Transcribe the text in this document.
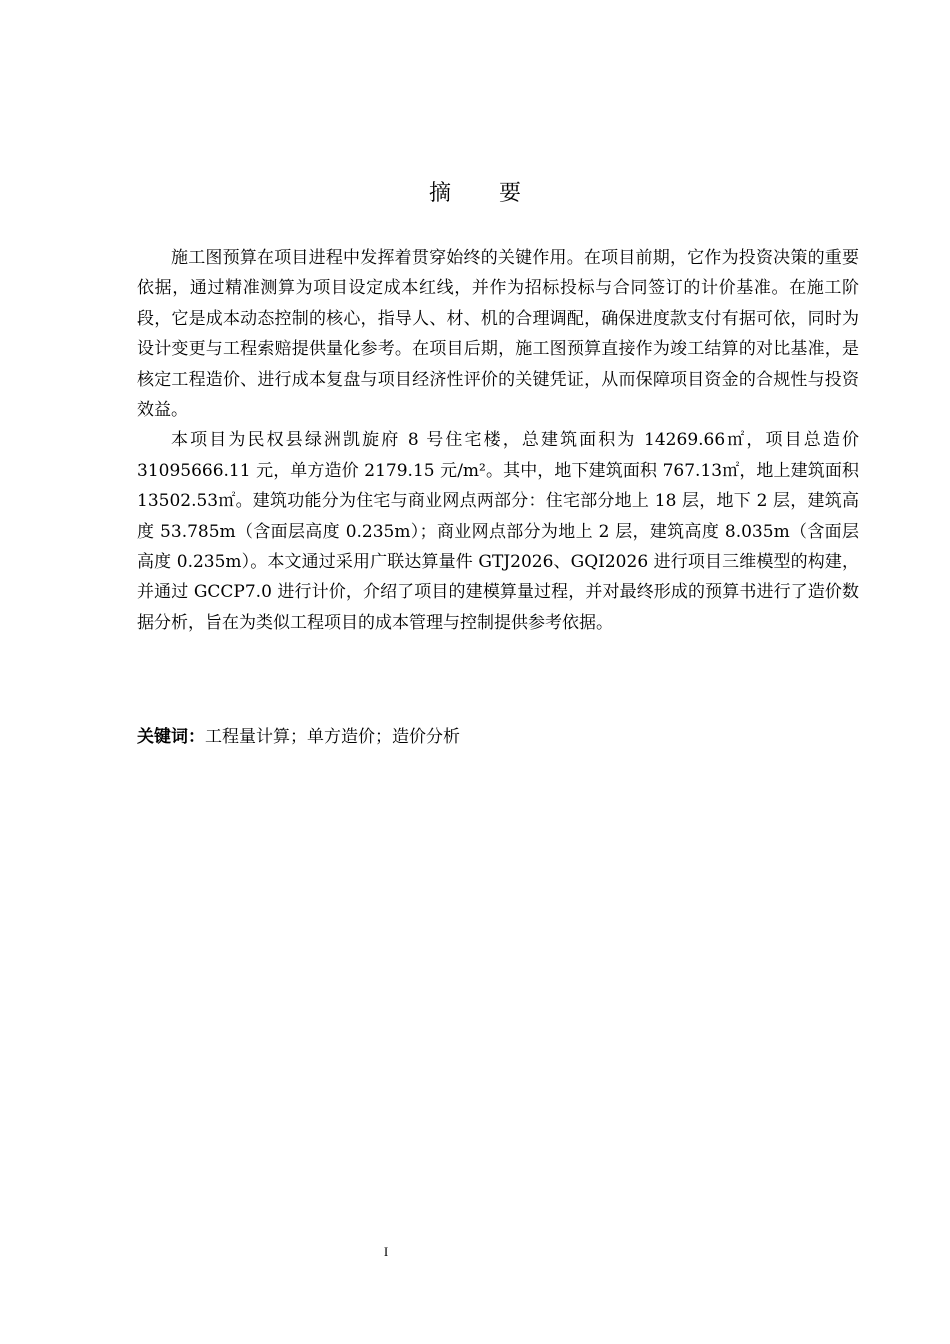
摘要

施工图预算在项目进程中发挥着贯穿始终的关键作用。在项目前期，它作为投资决策的重要依据，通过精准测算为项目设定成本红线，并作为招标投标与合同签订的计价基准。在施工阶段，它是成本动态控制的核心，指导人、材、机的合理调配，确保进度款支付有据可依，同时为设计变更与工程索赔提供量化参考。在项目后期，施工图预算直接作为竣工结算的对比基准，是核定工程造价、进行成本复盘与项目经济性评价的关键凭证，从而保障项目资金的合规性与投资效益。

本项目为民权县绿洲凯旋府 8 号住宅楼，总建筑面积为 14269.66㎡，项目总造价 31095666.11 元，单方造价 2179.15 元/m²。其中，地下建筑面积 767.13㎡，地上建筑面积 13502.53㎡。建筑功能分为住宅与商业网点两部分：住宅部分地上 18 层，地下 2 层，建筑高度 53.785m（含面层高度 0.235m）；商业网点部分为地上 2 层，建筑高度 8.035m（含面层高度 0.235m）。本文通过采用广联达算量件 GTJ2026、GQI2026 进行项目三维模型的构建，并通过 GCCP7.0 进行计价，介绍了项目的建模算量过程，并对最终形成的预算书进行了造价数据分析，旨在为类似工程项目的成本管理与控制提供参考依据。

关键词：工程量计算；单方造价；造价分析
I
